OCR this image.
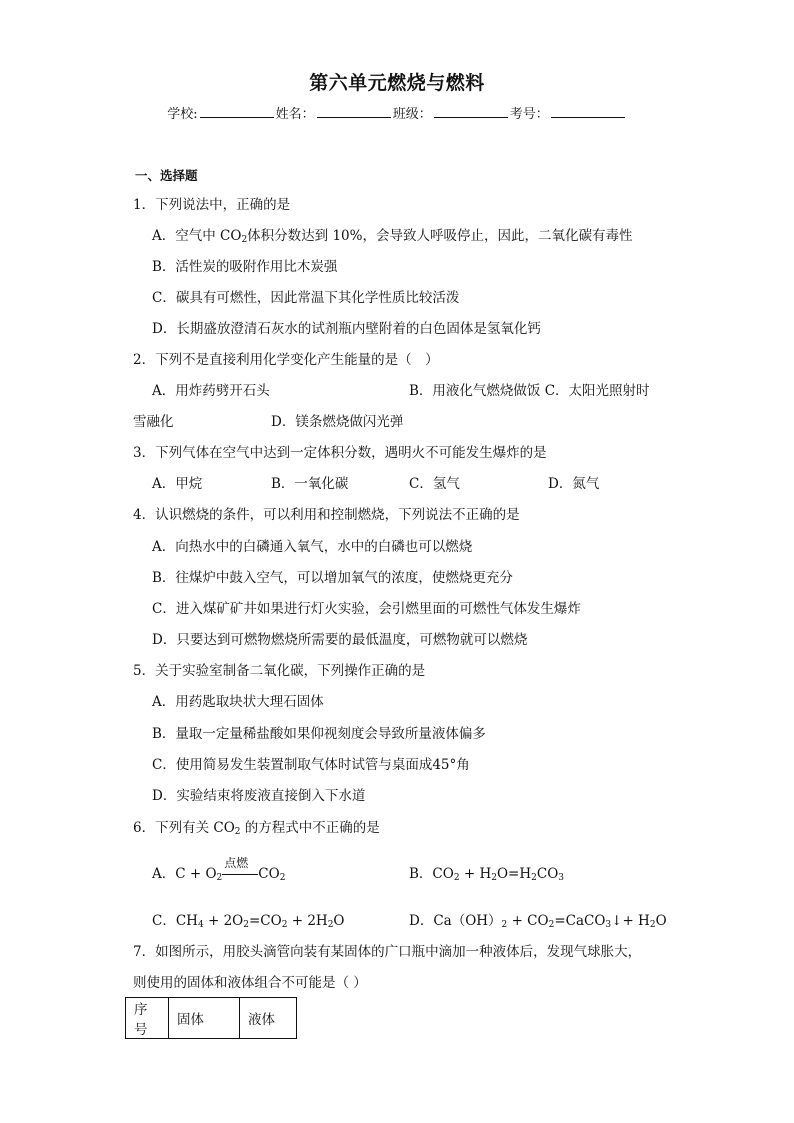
第六单元燃烧与燃料
学校:	姓名：	班级：	考号：
一、选择题
1．下列说法中，正确的是
A．空气中 $CO_2$体积分数达到 10%，会导致人呼吸停止，因此，二氧化碳有毒性
B．活性炭的吸附作用比木炭强
C．碳具有可燃性，因此常温下其化学性质比较活泼
D．长期盛放澄清石灰水的试剂瓶内壁附着的白色固体是氢氧化钙
2．下列不是直接利用化学变化产生能量的是（　）
A．用炸药劈开石头	B．用液化气燃烧做饭 C．太阳光照射时
雪融化	D．镁条燃烧做闪光弹
3．下列气体在空气中达到一定体积分数，遇明火不可能发生爆炸的是
A．甲烷	B．一氧化碳	C．氢气	D．氮气
4．认识燃烧的条件，可以利用和控制燃烧，下列说法不正确的是
A．向热水中的白磷通入氧气，水中的白磷也可以燃烧
B．往煤炉中鼓入空气，可以增加氧气的浓度，使燃烧更充分
C．进入煤矿矿井如果进行灯火实验，会引燃里面的可燃性气体发生爆炸
D．只要达到可燃物燃烧所需要的最低温度，可燃物就可以燃烧
5．关于实验室制备二氧化碳，下列操作正确的是
A．用药匙取块状大理石固体
B．量取一定量稀盐酸如果仰视刻度会导致所量液体偏多
C．使用简易发生装置制取气体时试管与桌面成45°角
D．实验结束将废液直接倒入下水道
6．下列有关 $CO_2$ 的方程式中不正确的是
A．$C + O_2$
点燃
$CO_2$	B．$CO_2 + H_2O=H_2CO_3$
C．$CH_4 + 2O_2=CO_2 + 2H_2O$	D．$Ca(OH)_2$ + $CO_2=CaCO_3↓+ H_2O$
7．如图所示，用胶头滴管向装有某固体的广口瓶中滴加一种液体后，发现气球胀大，
则使用的固体和液体组合不可能是（ ）
序号	固体	液体
